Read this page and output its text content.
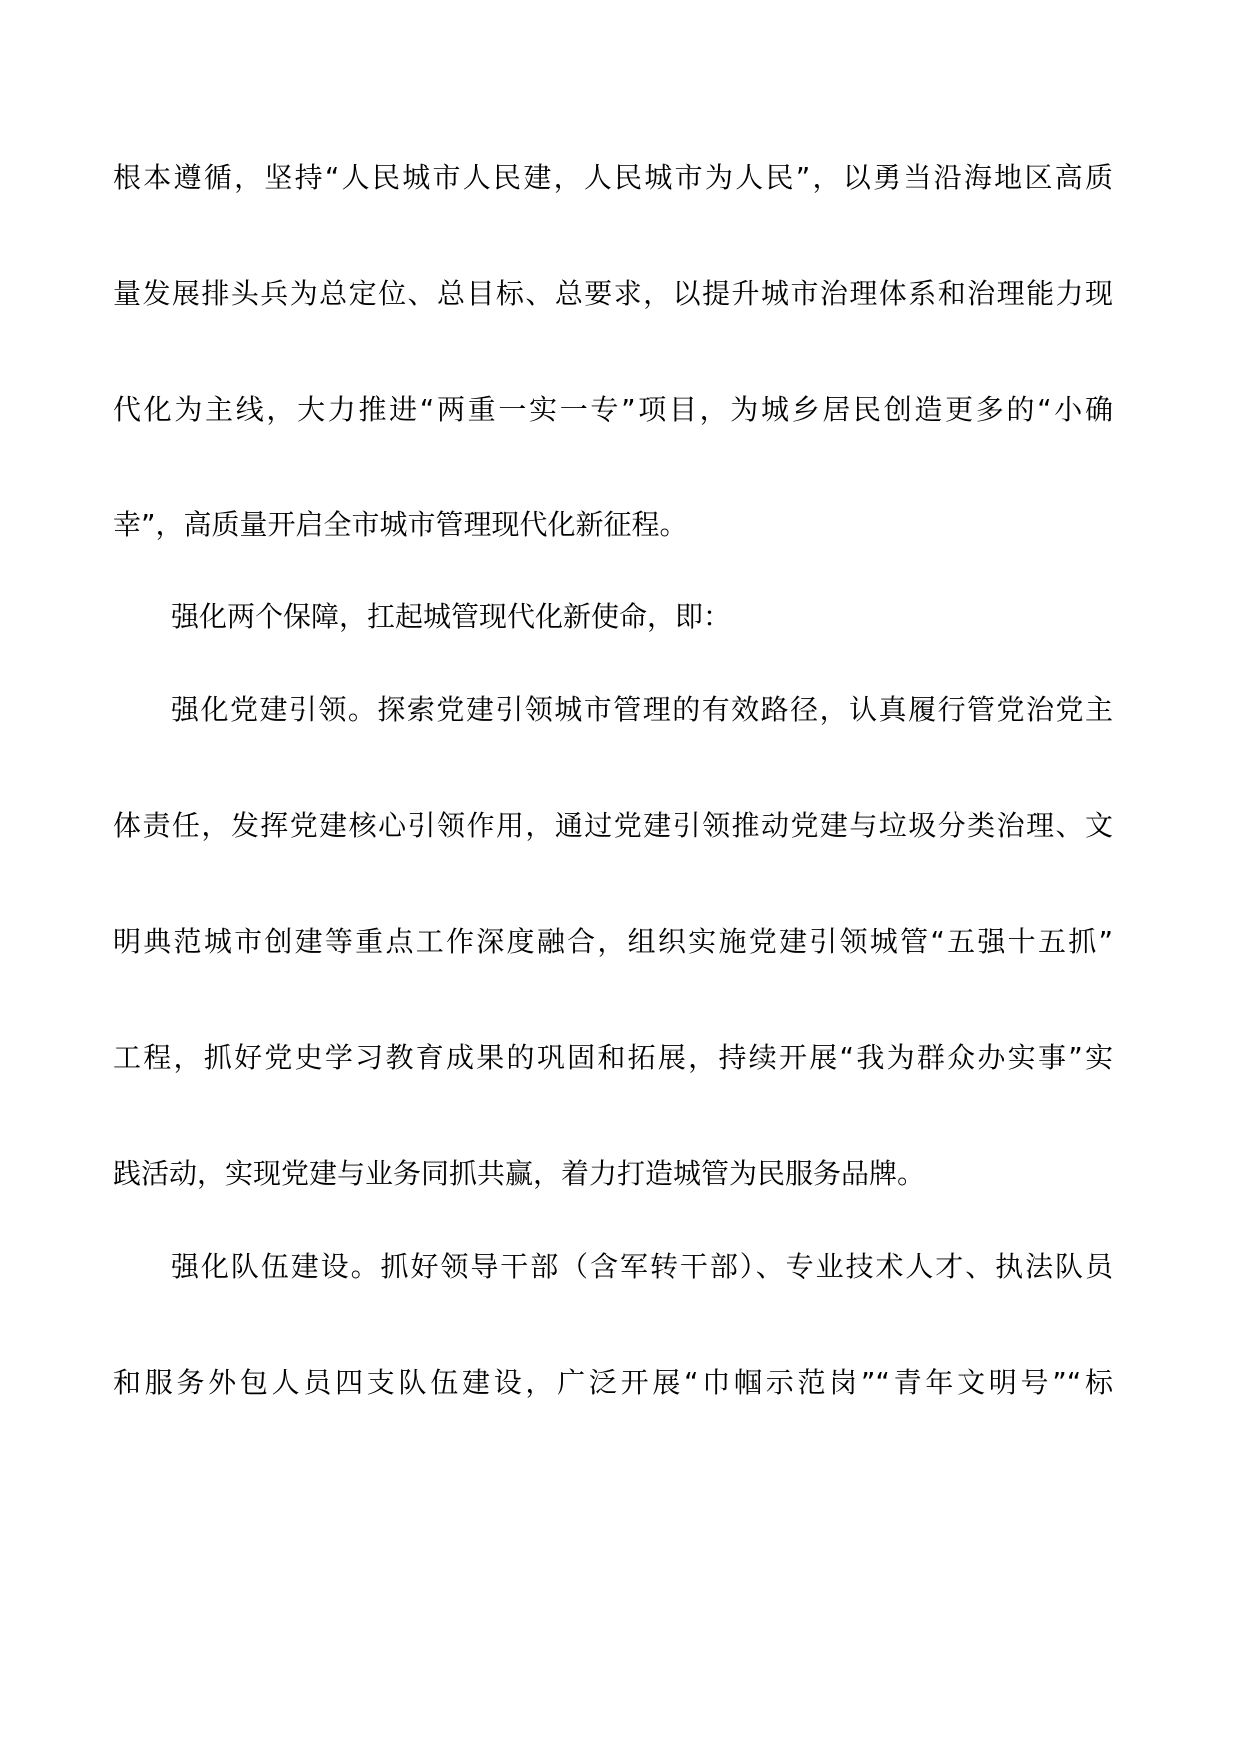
根本遵循，坚持“人民城市人民建，人民城市为人民”，以勇当沿海地区高质
量发展排头兵为总定位、总目标、总要求，以提升城市治理体系和治理能力现
代化为主线，大力推进“两重一实一专”项目，为城乡居民创造更多的“小确
幸”，高质量开启全市城市管理现代化新征程。
强化两个保障，扛起城管现代化新使命，即：
强化党建引领。探索党建引领城市管理的有效路径，认真履行管党治党主
体责任，发挥党建核心引领作用，通过党建引领推动党建与垃圾分类治理、文
明典范城市创建等重点工作深度融合，组织实施党建引领城管“五强十五抓”
工程，抓好党史学习教育成果的巩固和拓展，持续开展“我为群众办实事”实
践活动，实现党建与业务同抓共赢，着力打造城管为民服务品牌。
强化队伍建设。抓好领导干部（含军转干部）、专业技术人才、执法队员
和服务外包人员四支队伍建设，广泛开展“巾帼示范岗”“青年文明号”“标
